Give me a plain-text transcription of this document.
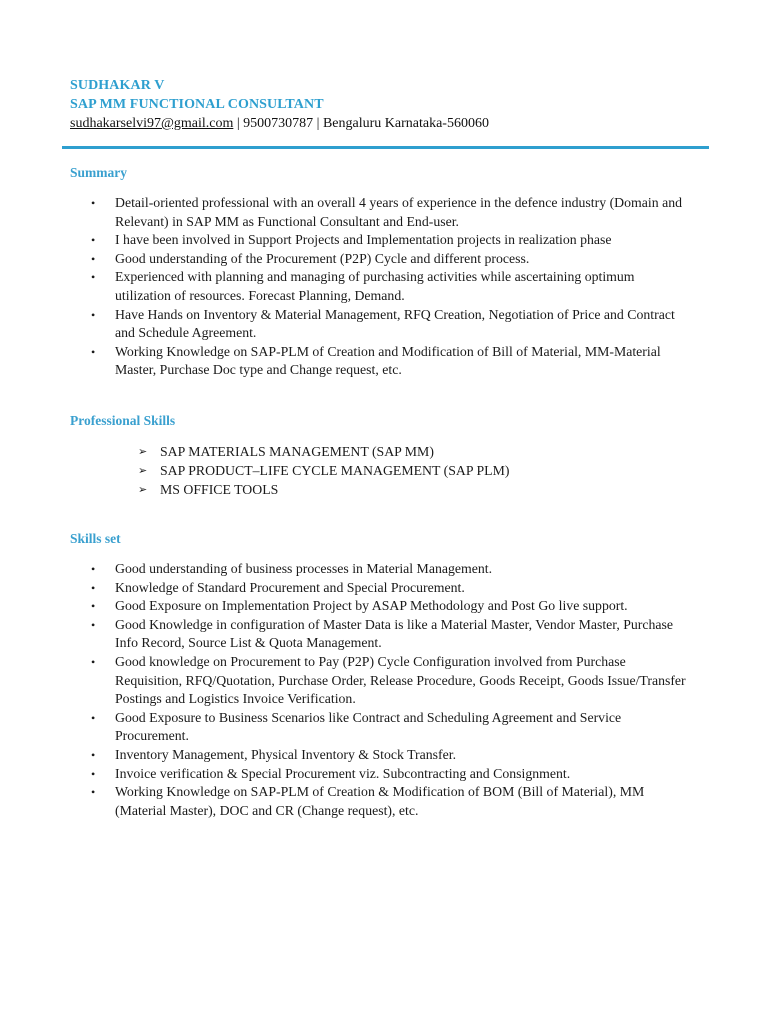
SUDHAKAR V
SAP MM FUNCTIONAL CONSULTANT
sudhakarselvi97@gmail.com | 9500730787 | Bengaluru Karnataka-560060
Summary
• Detail-oriented professional with an overall 4 years of experience in the defence industry (Domain and Relevant) in SAP MM as Functional Consultant and End-user.
• I have been involved in Support Projects and Implementation projects in realization phase
• Good understanding of the Procurement (P2P) Cycle and different process.
• Experienced with planning and managing of purchasing activities while ascertaining optimum utilization of resources. Forecast Planning, Demand.
• Have Hands on Inventory & Material Management, RFQ Creation, Negotiation of Price and Contract and Schedule Agreement.
• Working Knowledge on SAP-PLM of Creation and Modification of Bill of Material, MM-Material Master, Purchase Doc type and Change request, etc.
Professional Skills
➢ SAP MATERIALS MANAGEMENT (SAP MM)
➢ SAP PRODUCT–LIFE CYCLE MANAGEMENT (SAP PLM)
➢ MS OFFICE TOOLS
Skills set
• Good understanding of business processes in Material Management.
• Knowledge of Standard Procurement and Special Procurement.
• Good Exposure on Implementation Project by ASAP Methodology and Post Go live support.
• Good Knowledge in configuration of Master Data is like a Material Master, Vendor Master, Purchase Info Record, Source List & Quota Management.
• Good knowledge on Procurement to Pay (P2P) Cycle Configuration involved from Purchase Requisition, RFQ/Quotation, Purchase Order, Release Procedure, Goods Receipt, Goods Issue/Transfer Postings and Logistics Invoice Verification.
• Good Exposure to Business Scenarios like Contract and Scheduling Agreement and Service Procurement.
• Inventory Management, Physical Inventory & Stock Transfer.
• Invoice verification & Special Procurement viz. Subcontracting and Consignment.
• Working Knowledge on SAP-PLM of Creation & Modification of BOM (Bill of Material), MM (Material Master), DOC and CR (Change request), etc.
